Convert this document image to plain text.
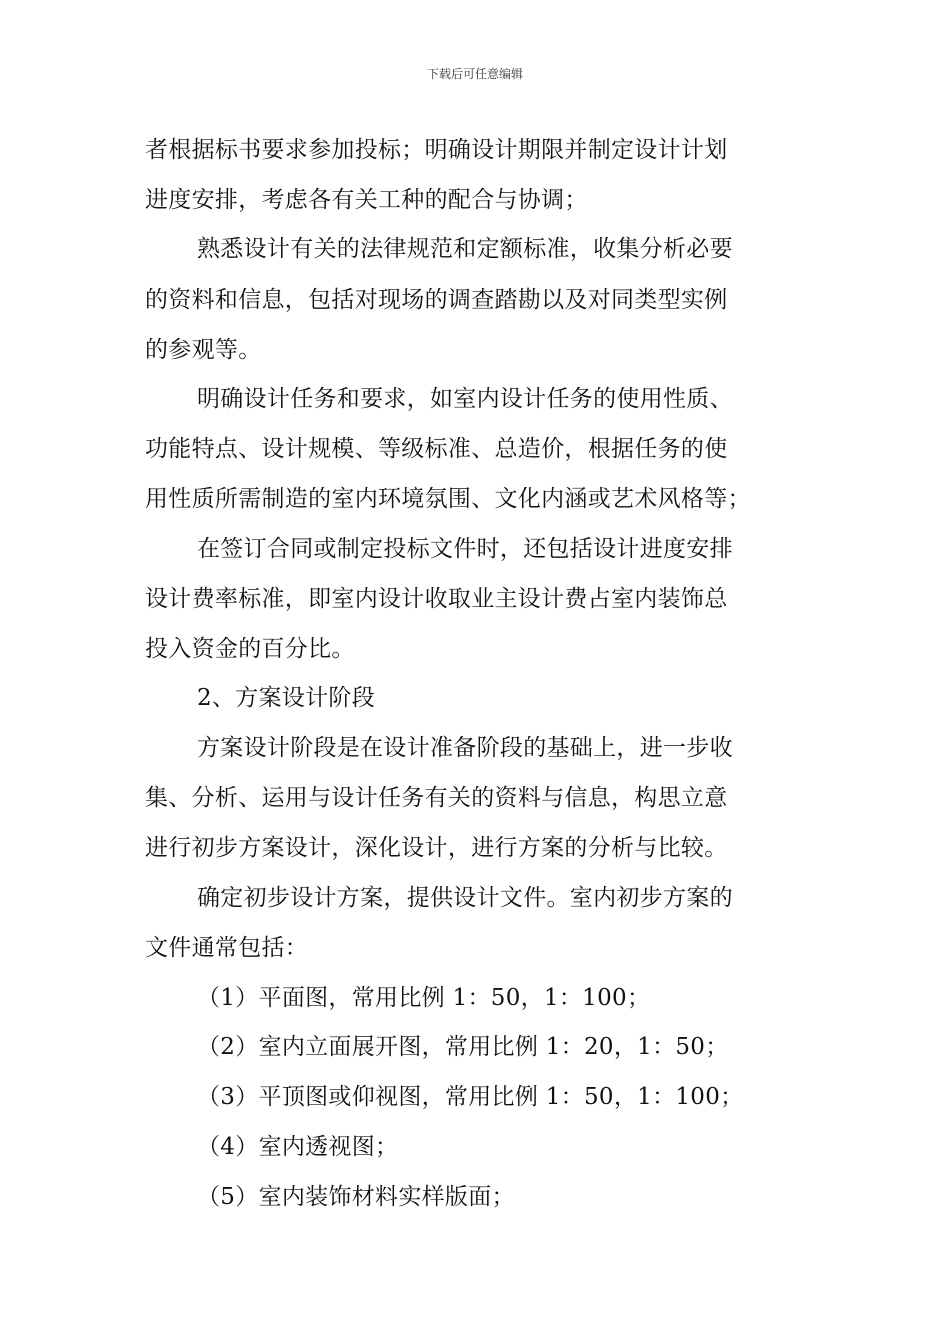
下载后可任意编辑
者根据标书要求参加投标；明确设计期限并制定设计计划
进度安排，考虑各有关工种的配合与协调；
熟悉设计有关的法律规范和定额标准，收集分析必要
的资料和信息，包括对现场的调查踏勘以及对同类型实例
的参观等。
明确设计任务和要求，如室内设计任务的使用性质、
功能特点、设计规模、等级标准、总造价，根据任务的使
用性质所需制造的室内环境氛围、文化内涵或艺术风格等；
在签订合同或制定投标文件时，还包括设计进度安排
设计费率标准，即室内设计收取业主设计费占室内装饰总
投入资金的百分比。
2、方案设计阶段
方案设计阶段是在设计准备阶段的基础上，进一步收
集、分析、运用与设计任务有关的资料与信息，构思立意
进行初步方案设计，深化设计，进行方案的分析与比较。
确定初步设计方案，提供设计文件。室内初步方案的
文件通常包括：
（1）平面图，常用比例 1：50，1：100；
（2）室内立面展开图，常用比例 1：20，1：50；
（3）平顶图或仰视图，常用比例 1：50，1：100；
（4）室内透视图；
（5）室内装饰材料实样版面；
